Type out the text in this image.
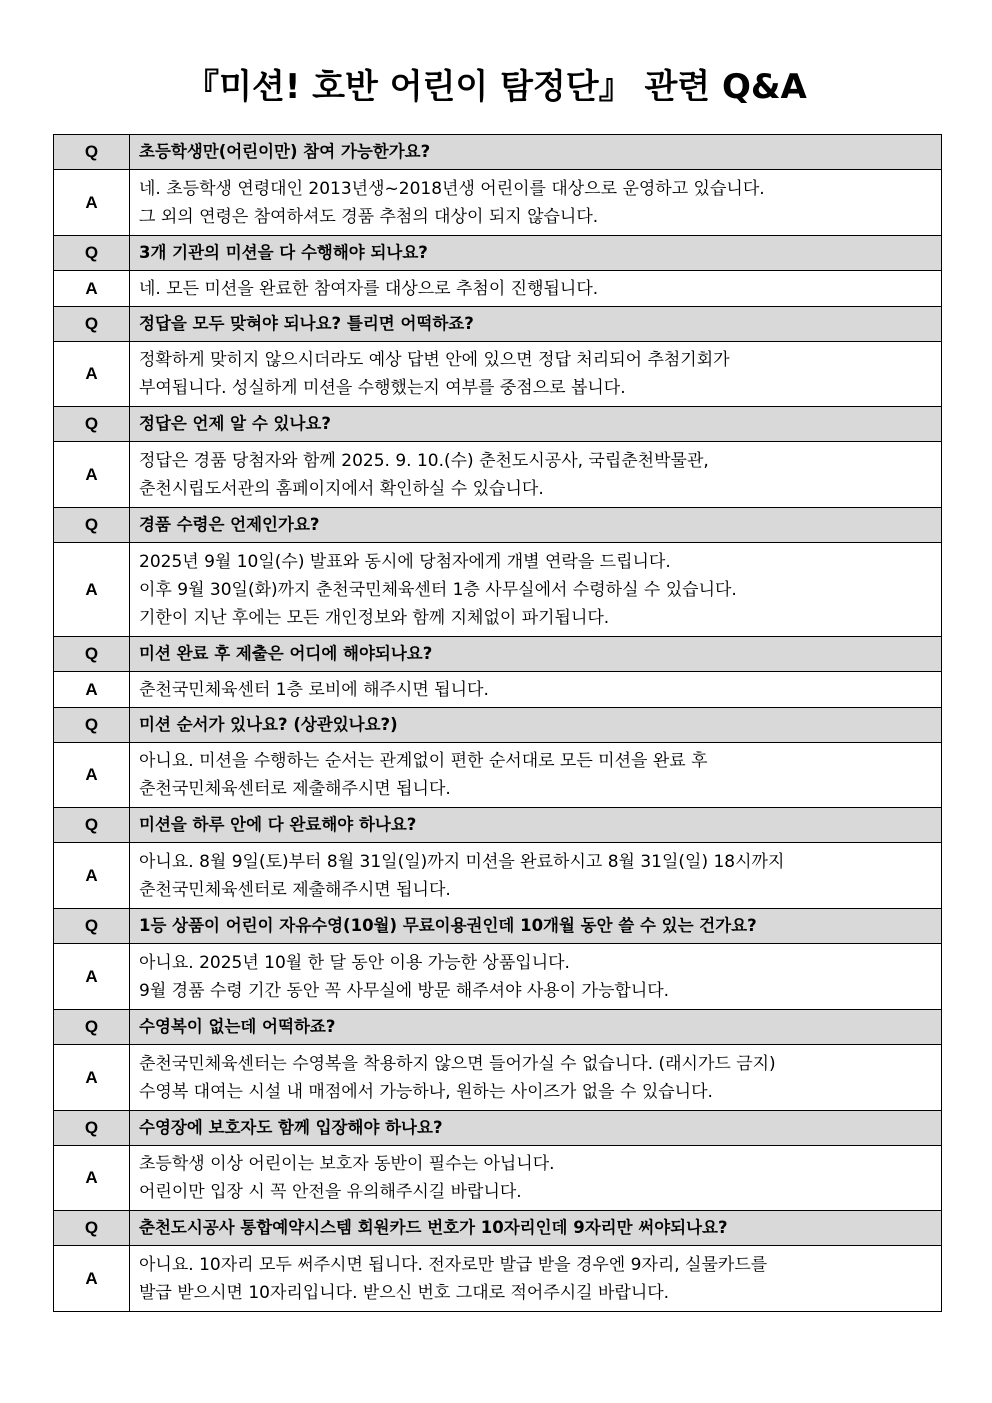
『미션! 호반 어린이 탐정단』 관련 Q&A
Q	초등학생만(어린이만) 참여 가능한가요?
A	네. 초등학생 연령대인 2013년생~2018년생 어린이를 대상으로 운영하고 있습니다.
그 외의 연령은 참여하셔도 경품 추첨의 대상이 되지 않습니다.

Q	3개 기관의 미션을 다 수행해야 되나요?
A	네. 모든 미션을 완료한 참여자를 대상으로 추첨이 진행됩니다.

Q	정답을 모두 맞혀야 되나요? 틀리면 어떡하죠?
A	정확하게 맞히지 않으시더라도 예상 답변 안에 있으면 정답 처리되어 추첨기회가
부여됩니다. 성실하게 미션을 수행했는지 여부를 중점으로 봅니다.

Q	정답은 언제 알 수 있나요?
A	정답은 경품 당첨자와 함께 2025. 9. 10.(수) 춘천도시공사, 국립춘천박물관,
춘천시립도서관의 홈페이지에서 확인하실 수 있습니다.

Q	경품 수령은 언제인가요?
A	2025년 9월 10일(수) 발표와 동시에 당첨자에게 개별 연락을 드립니다.
이후 9월 30일(화)까지 춘천국민체육센터 1층 사무실에서 수령하실 수 있습니다.
기한이 지난 후에는 모든 개인정보와 함께 지체없이 파기됩니다.

Q	미션 완료 후 제출은 어디에 해야되나요?
A	춘천국민체육센터 1층 로비에 해주시면 됩니다.

Q	미션 순서가 있나요? (상관있나요?)
A	아니요. 미션을 수행하는 순서는 관계없이 편한 순서대로 모든 미션을 완료 후
춘천국민체육센터로 제출해주시면 됩니다.

Q	미션을 하루 안에 다 완료해야 하나요?
A	아니요. 8월 9일(토)부터 8월 31일(일)까지 미션을 완료하시고 8월 31일(일) 18시까지
춘천국민체육센터로 제출해주시면 됩니다.

Q	1등 상품이 어린이 자유수영(10월) 무료이용권인데 10개월 동안 쓸 수 있는 건가요?
A	아니요. 2025년 10월 한 달 동안 이용 가능한 상품입니다.
9월 경품 수령 기간 동안 꼭 사무실에 방문 해주셔야 사용이 가능합니다.

Q	수영복이 없는데 어떡하죠?
A	춘천국민체육센터는 수영복을 착용하지 않으면 들어가실 수 없습니다. (래시가드 금지)
수영복 대여는 시설 내 매점에서 가능하나, 원하는 사이즈가 없을 수 있습니다.

Q	수영장에 보호자도 함께 입장해야 하나요?
A	초등학생 이상 어린이는 보호자 동반이 필수는 아닙니다.
어린이만 입장 시 꼭 안전을 유의해주시길 바랍니다.

Q	춘천도시공사 통합예약시스템 회원카드 번호가 10자리인데 9자리만 써야되나요?
A	아니요. 10자리 모두 써주시면 됩니다. 전자로만 발급 받을 경우엔 9자리, 실물카드를
발급 받으시면 10자리입니다. 받으신 번호 그대로 적어주시길 바랍니다.
